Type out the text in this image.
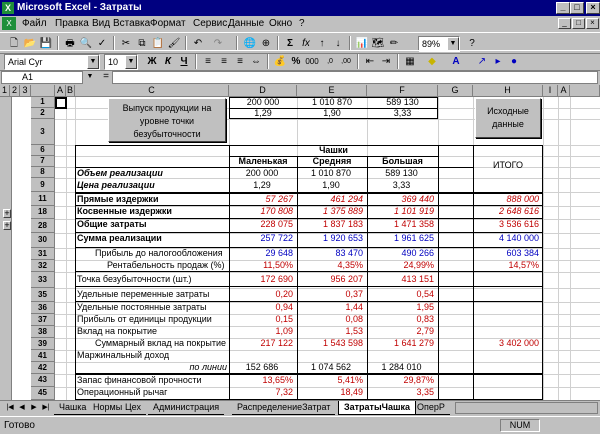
X Microsoft Excel - Затраты	_ □	×
X	Файл Правка Вид Вставка Формат Сервис Данные Окно ?	_	□	×
🗋 📂 💾	🖶 🔍 ✓	✂ ⧉ 📋 🖌	↶	↷	🌐 ⊕	Σ fx ↑	↓	📊 🗺 ✏	89%	▼	?
Arial Cyr	▼	10	▼	Ж К Ч	≡	≡	≡ ⇔	💰 % 000	,0	,00	⇤ ⇥	▦	◆	A	↗ ▸	●
A1	▼ =
1 2 3
+
+
A B	C	D	E	F	G	H	I	A
1
2
3
6
7
8
9
11
18
28
30
31
32
33
35
36
37
38
39
41
42
43
45
Выпуск продукции на уровне точки безубыточности
Исходные данные
200 000	1 010 870	589 130
1,29	1,90	3,33
Чашки
Маленькая	Средняя	Большая	ИТОГО
Объем реализации	200 000	1 010 870	589 130
Цена реализации	1,29	1,90	3,33
Прямые издержки	57 267	461 294	369 440	888 000
Косвенные издержки	170 808	1 375 889	1 101 919	2 648 616
Общие затраты	228 075	1 837 183	1 471 358	3 536 616
Сумма реализации	257 722	1 920 653	1 961 625	4 140 000
Прибыль до налогообложения	29 648	83 470	490 266	603 384
Рентабельность продаж (%)	11,50%	4,35%	24,99%	14,57%
Точка безубыточности (шт.)	172 690	956 207	413 151
Удельные переменные затраты	0,20	0,37	0,54
Удельные постоянные затраты	0,94	1,44	1,95
Прибыль от единицы продукции	0,15	0,08	0,83
Вклад на покрытие	1,09	1,53	2,79
Суммарный вклад на покрытие	217 122	1 543 598	1 641 279	3 402 000
Маржинальный доход
по линии	152 686	1 074 562	1 284 010
Запас финансовой прочности	13,65%	5,41%	29,87%
Операционный рычаг	7,32	18,49	3,35
|◀ ◀ ▶ ▶|	Чашка Нормы Цех	Администрация	РаспределениеЗатрат	ЗатратыЧашка ОперР
Готово	NUM
